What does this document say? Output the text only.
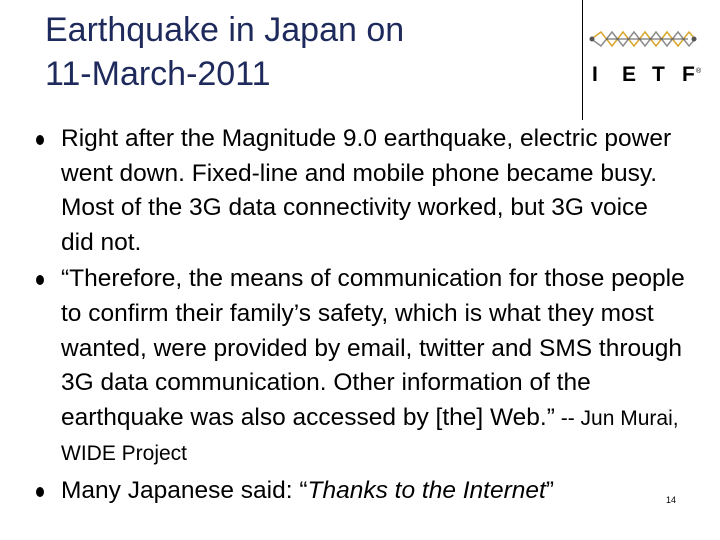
Earthquake in Japan on
11-March-2011	I E T F ®
Right after the Magnitude 9.0 earthquake, electric power went down. Fixed-line and mobile phone became busy. Most of the 3G data connectivity worked, but 3G voice did not.
“Therefore, the means of communication for those people to confirm their family’s safety, which is what they most wanted, were provided by email, twitter and SMS through 3G data communication. Other information of the earthquake was also accessed by [the] Web.” -- Jun Murai, WIDE Project
Many Japanese said: “Thanks to the Internet”	14
